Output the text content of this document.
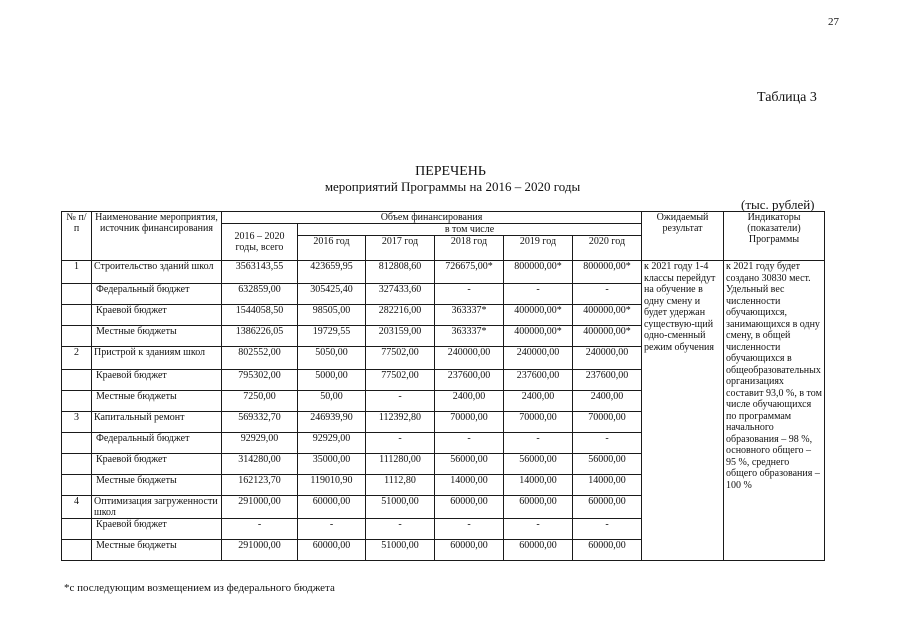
27
Таблица 3
ПЕРЕЧЕНЬ
мероприятий Программы на 2016 – 2020 годы
(тыс. рублей)
№ п/п	Наименование мероприятия, источник финансирования	Объем финансирования						Ожидаемый результат	Индикаторы (показатели) Программы
		2016 – 2020 годы, всего	в том числе						
			2016 год	2017 год	2018 год	2019 год	2020 год		
1	Строительство зданий школ	3563143,55	423659,95	812808,60	726675,00*	800000,00*	800000,00*	к 2021 году 1-4 классы перейдут на обучение в одну смену и будет удержан существую-щий одно-сменный режим обучения	к 2021 году будет создано 30830 мест. Удельный вес численности обучающихся, занимающихся в одну смену, в общей численности обучающихся в общеобразовательных организациях составит 93,0 %, в том числе обучающихся по программам начального образования – 98 %, основного общего – 95 %, среднего общего образования – 100 %
	Федеральный бюджет	632859,00	305425,40	327433,60	-	-	-		
	Краевой бюджет	1544058,50	98505,00	282216,00	363337*	400000,00*	400000,00*		
	Местные бюджеты	1386226,05	19729,55	203159,00	363337*	400000,00*	400000,00*		
2	Пристрой к зданиям школ	802552,00	5050,00	77502,00	240000,00	240000,00	240000,00		
	Краевой бюджет	795302,00	5000,00	77502,00	237600,00	237600,00	237600,00		
	Местные бюджеты	7250,00	50,00	-	2400,00	2400,00	2400,00		
3	Капитальный ремонт	569332,70	246939,90	112392,80	70000,00	70000,00	70000,00		
	Федеральный бюджет	92929,00	92929,00	-	-	-	-		
	Краевой бюджет	314280,00	35000,00	111280,00	56000,00	56000,00	56000,00		
	Местные бюджеты	162123,70	119010,90	1112,80	14000,00	14000,00	14000,00		
4	Оптимизация загруженности школ	291000,00	60000,00	51000,00	60000,00	60000,00	60000,00		
	Краевой бюджет	-	-	-	-	-	-		
	Местные бюджеты	291000,00	60000,00	51000,00	60000,00	60000,00	60000,00		
*с последующим возмещением из федерального бюджета
